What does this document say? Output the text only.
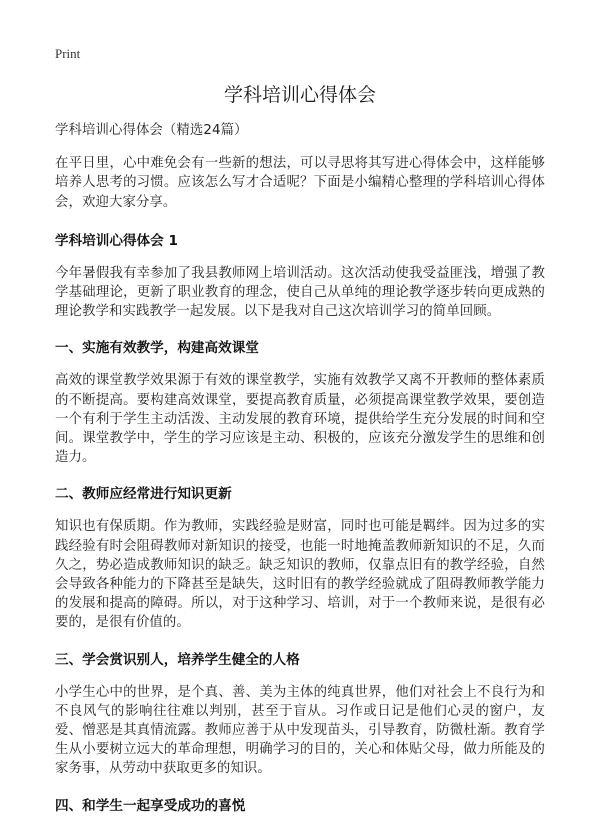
Print
学科培训心得体会

学科培训心得体会（精选24篇）

在平日里，心中难免会有一些新的想法，可以寻思将其写进心得体会中，这样能够培养人思考的习惯。应该怎么写才合适呢？下面是小编精心整理的学科培训心得体会，欢迎大家分享。

学科培训心得体会 1

今年暑假我有幸参加了我县教师网上培训活动。这次活动使我受益匪浅，增强了教学基础理论，更新了职业教育的理念，使自己从单纯的理论教学逐步转向更成熟的理论教学和实践教学一起发展。以下是我对自己这次培训学习的简单回顾。

一、实施有效教学，构建高效课堂

高效的课堂教学效果源于有效的课堂教学，实施有效教学又离不开教师的整体素质的不断提高。要构建高效课堂，要提高教育质量，必须提高课堂教学效果，要创造一个有利于学生主动活泼、主动发展的教育环境，提供给学生充分发展的时间和空间。课堂教学中，学生的学习应该是主动、积极的，应该充分激发学生的思维和创造力。

二、教师应经常进行知识更新

知识也有保质期。作为教师，实践经验是财富，同时也可能是羁绊。因为过多的实践经验有时会阻碍教师对新知识的接受，也能一时地掩盖教师新知识的不足，久而久之，势必造成教师知识的缺乏。缺乏知识的教师，仅靠点旧有的教学经验，自然会导致各种能力的下降甚至是缺失，这时旧有的教学经验就成了阻碍教师教学能力的发展和提高的障碍。所以，对于这种学习、培训，对于一个教师来说，是很有必要的，是很有价值的。

三、学会赏识别人，培养学生健全的人格

小学生心中的世界，是个真、善、美为主体的纯真世界，他们对社会上不良行为和不良风气的影响往往难以判别，甚至于盲从。习作或日记是他们心灵的窗户，友爱、憎恶是其真情流露。教师应善于从中发现苗头，引导教育，防微杜渐。教育学生从小要树立远大的革命理想，明确学习的目的，关心和体贴父母，做力所能及的家务事，从劳动中获取更多的知识。

四、和学生一起享受成功的喜悦
